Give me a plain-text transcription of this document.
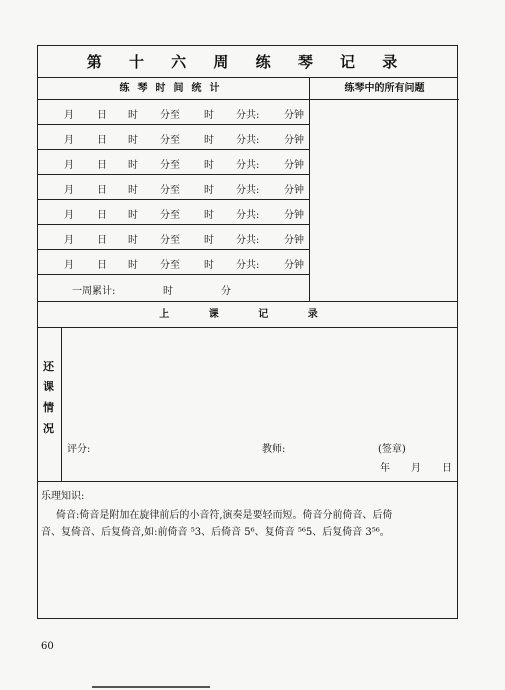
第 十 六 周 练 琴 记 录
练琴时间统计	练琴中的所有问题
月 日 时 分至 时 分共: 分钟
月 日 时 分至 时 分共: 分钟
月 日 时 分至 时 分共: 分钟
月 日 时 分至 时 分共: 分钟
月 日 时 分至 时 分共: 分钟
月 日 时 分至 时 分共: 分钟
月 日 时 分至 时 分共: 分钟
一周累计:	时	分
上 课 记 录
还
课
情
况
评分:	教师:	(签章)
年 月 日
乐理知识:
倚音:倚音是附加在旋律前后的小音符,演奏是要轻而短。倚音分前倚音、后倚
音、复倚音、后复倚音,如:前倚音 ⁵3、后倚音 5⁶、复倚音 ⁵⁶5、后复倚音 3⁵⁶。
60
